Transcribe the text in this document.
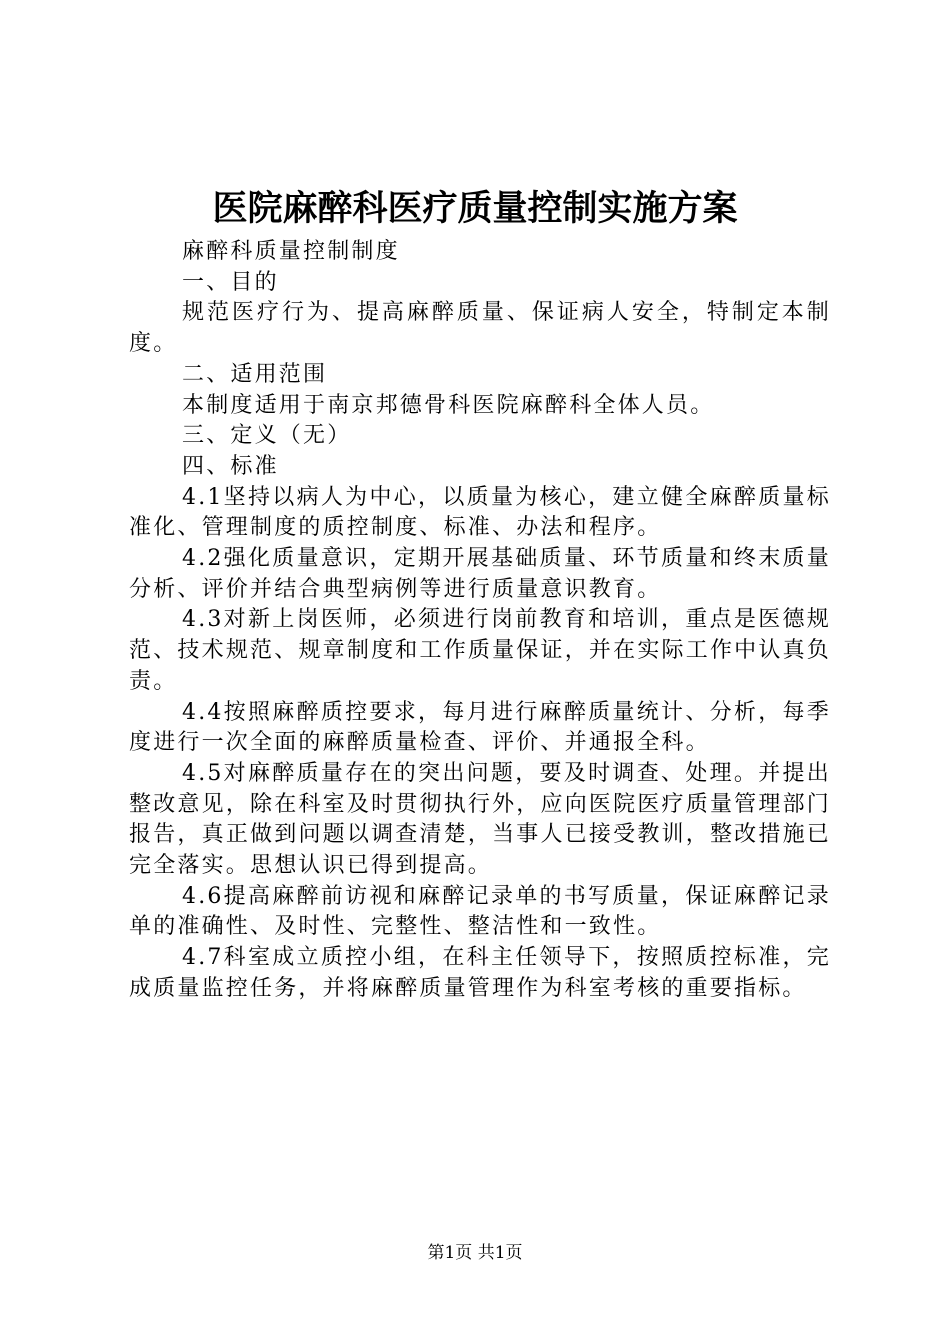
医院麻醉科医疗质量控制实施方案

麻醉科质量控制制度

一、目的

规范医疗行为、提高麻醉质量、保证病人安全，特制定本制度。

二、适用范围

本制度适用于南京邦德骨科医院麻醉科全体人员。

三、定义（无）

四、标准

4.1坚持以病人为中心，以质量为核心，建立健全麻醉质量标准化、管理制度的质控制度、标准、办法和程序。

4.2强化质量意识，定期开展基础质量、环节质量和终末质量分析、评价并结合典型病例等进行质量意识教育。

4.3对新上岗医师，必须进行岗前教育和培训，重点是医德规范、技术规范、规章制度和工作质量保证，并在实际工作中认真负责。

4.4按照麻醉质控要求，每月进行麻醉质量统计、分析，每季度进行一次全面的麻醉质量检查、评价、并通报全科。

4.5对麻醉质量存在的突出问题，要及时调查、处理。并提出整改意见，除在科室及时贯彻执行外，应向医院医疗质量管理部门报告，真正做到问题以调查清楚，当事人已接受教训，整改措施已完全落实。思想认识已得到提高。

4.6提高麻醉前访视和麻醉记录单的书写质量，保证麻醉记录单的准确性、及时性、完整性、整洁性和一致性。

4.7科室成立质控小组，在科主任领导下，按照质控标准，完成质量监控任务，并将麻醉质量管理作为科室考核的重要指标。

第1页 共1页
